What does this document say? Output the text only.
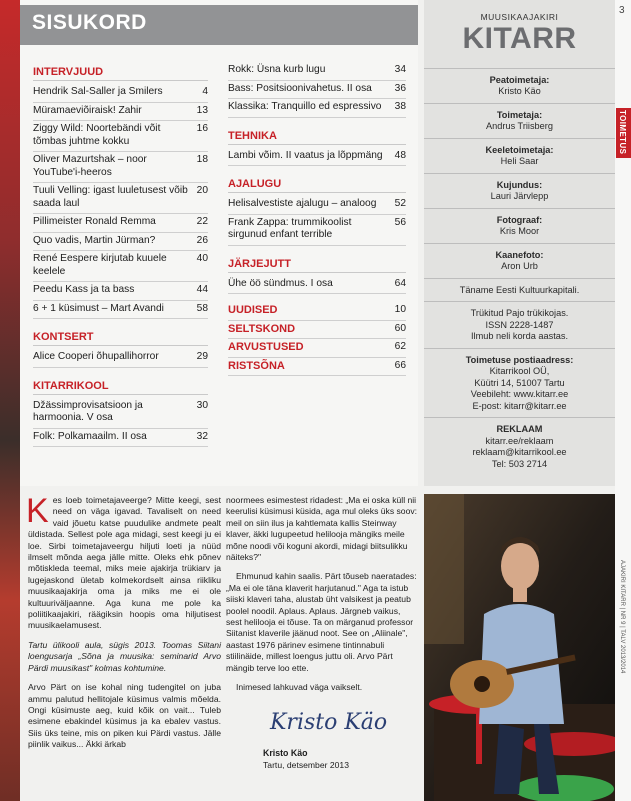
SISUKORD
INTERVJUUD
Hendrik Sal-Saller ja Smilers	4
Müramaeviõiraisk! Zahir	13
Ziggy Wild: Noortebändi võit tõmbas juhtme kokku
16
Oliver Mazurtshak – noor YouTube'i-heeros
18
Tuuli Velling: igast luuletusest võib saada laul
20
Pillimeister Ronald Remma	22
Quo vadis, Martin Jürman?	26
René Eespere kirjutab kuuele keelele
40
Peedu Kass ja ta bass	44
6 + 1 küsimust – Mart Avandi	58
KONTSERT
Alice Cooperi õhupallihorror	29
KITARRIKOOL
Džässimprovisatsioon ja harmoonia. V osa
30
Folk: Polkamaailm. II osa	32
Rokk: Üsna kurb lugu	34
Bass: Positsioonivahetus. II osa	36
Klassika: Tranquillo ed espressivo	38
TEHNIKA
Lambi võim. II vaatus ja lõppmäng	48
AJALUGU
Helisalvestiste ajalugu – analoog	52
Frank Zappa: trummikoolist sirgunud enfant terrible
56
JÄRJEJUTT
Ühe öö sündmus. I osa	64
UUDISED	10
SELTSKOND	60
ARVUSTUSED	62
RISTSÕNA	66
MUUSIKAAJAKIRI
KITARR
Peatoimetaja:
Kristo Käo
Toimetaja:
Andrus Triisberg
Keeletoimetaja:
Heli Saar
Kujundus:
Lauri Järvlepp
Fotograaf:
Kris Moor
Kaanefoto:
Aron Urb
Täname Eesti Kultuurkapitali.
Trükitud Pajo trükikojas.
ISSN 2228-1487
Ilmub neli korda aastas.
Toimetuse postiaadress:
Kitarrikool OÜ,
Küütri 14, 51007 Tartu
Veebileht: www.kitarr.ee
E-post: kitarr@kitarr.ee
REKLAAM
kitarr.ee/reklaam
reklaam@kitarrikool.ee
Tel: 503 2714
3
TOIMETUS
AJAKIRI KITARR | NR 9 | TALV 2013/2014

Kes loeb toimetajaveerge? Mitte keegi, sest need on väga igavad. Tavaliselt on need vaid jõuetu katse puudulike andmete pealt üldistada. Sellest pole aga midagi, sest keegi ju ei loe. Sirbi toimetajaveergu hiljuti loeti ja nüüd ilmselt mõnda aega jälle mitte. Oleks ehk põnev mõtiskleda teemal, miks meie ajakirja trükiarv ja lugejaskond ületab kolmekordselt ainsa riikliku muusikaajakirja oma ja miks me ei ole kultuuriväljaanne. Aga kuna me pole ka poliitikaajakiri, räägiksin hoopis oma hiljutisest muusikaelamusest.

Tartu ülikooli aula, sügis 2013. Toomas Siitani loengusarja „Sõna ja muusika: seminarid Arvo Pärdi muusikast" kolmas kohtumine.

Arvo Pärt on ise kohal ning tudengitel on juba ammu palutud hellitojale küsimus valmis mõelda. Ongi küsimuste aeg, kuid kõik on vait... Tuleb esimene ebakindel küsimus ja ka ebalev vastus. Siis üks teine, mis on piken kui Pärdi vastus. Jälle piinlik vaikus... Äkki ärkab

noormees esimestest ridadest: „Ma ei oska küll nii keerulisi küsimusi küsida, aga mul oleks üks soov: meil on siin ilus ja kahtlemata kallis Steinway klaver, äkki lugupeetud helilooja mängiks meile mõne noodi või koguni akordi, midagi biitsulikku näiteks?"

Ehmunud kahin saalis. Pärt tõuseb naeratades: „Ma ei ole täna klaverit harjutanud." Aga ta istub siiski klaveri taha, alustab üht valsikest ja peatub poolel noodil. Aplaus. Aplaus. Järgneb vaikus, sest helilooja ei tõuse. Ta on märganud professor Siitanist klaverile jäänud noot. See on „Aliinale", aastast 1976 pärinev esimene tintinnabuli stiilinäide, millest loengus juttu oli. Arvo Pärt mängib terve loo ette.

Inimesed lahkuvad väga vaikselt.

Kristo Käo
Kristo Käo
Tartu, detsember 2013
